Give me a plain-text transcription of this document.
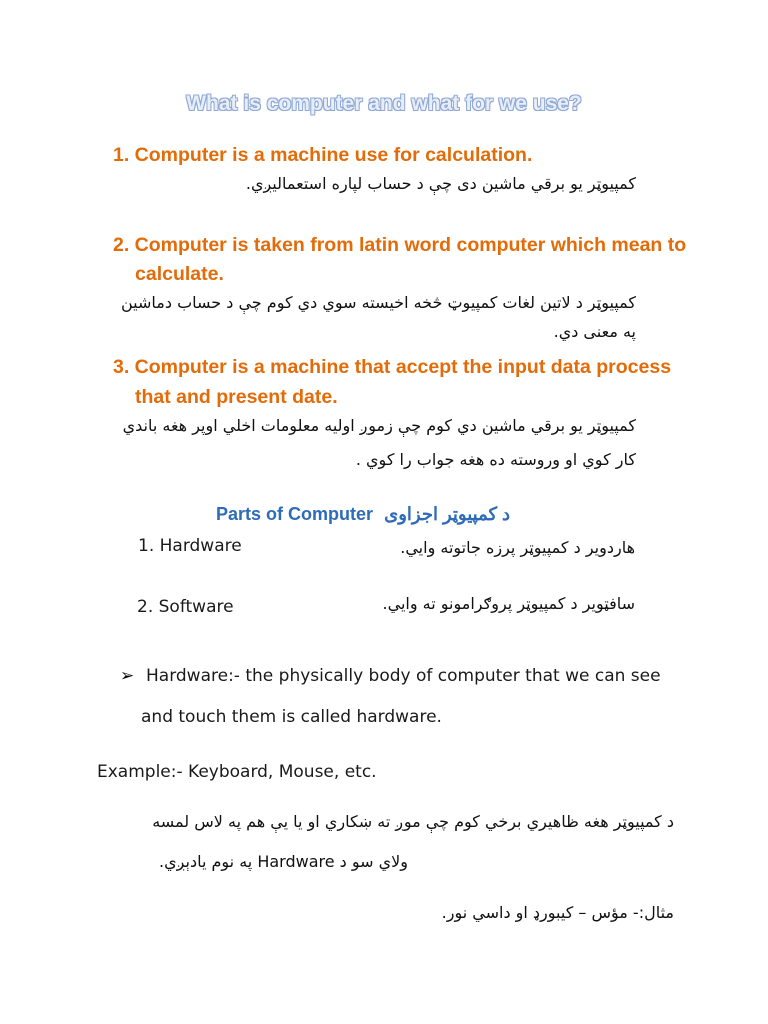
What is computer and what for we use?
1. Computer is a machine use for calculation.
كمپيوټر يو برقي ماشين دى چې د حساب لپاره استعماليږي.
2. Computer is taken from latin word computer which mean to
calculate.
كمپيوټر د لاتين لغات كمپيوټ څخه اخيسته سوي دي كوم چې د حساب دماشين
په معنى دي.
3. Computer is a machine that accept the input data process
that and present date.
كمپيوټر يو برقي ماشين دي كوم چې زموږ اوليه معلومات اخلي اوپر هغه باندي
كار كوي او وروسته ده هغه جواب را كوي .
Parts of Computer د كمپيوټر اجزاوى
1. Hardware	هاردوير د كمپيوټر پرزه جاتوته وايي.
2. Software	سافټوير د كمپيوټر پروګرامونو ته وايي.
➢ Hardware:- the physically body of computer that we can see
and touch them is called hardware.
Example:- Keyboard, Mouse, etc.
د كمپيوټر هغه ظاهيري برخي كوم چې موږ ته ښكاري او يا يې هم په لاس لمسه
ولاي سو د Hardware په نوم يادېږي.
مثال:- مؤس – كيبورډ او داسي نور.
